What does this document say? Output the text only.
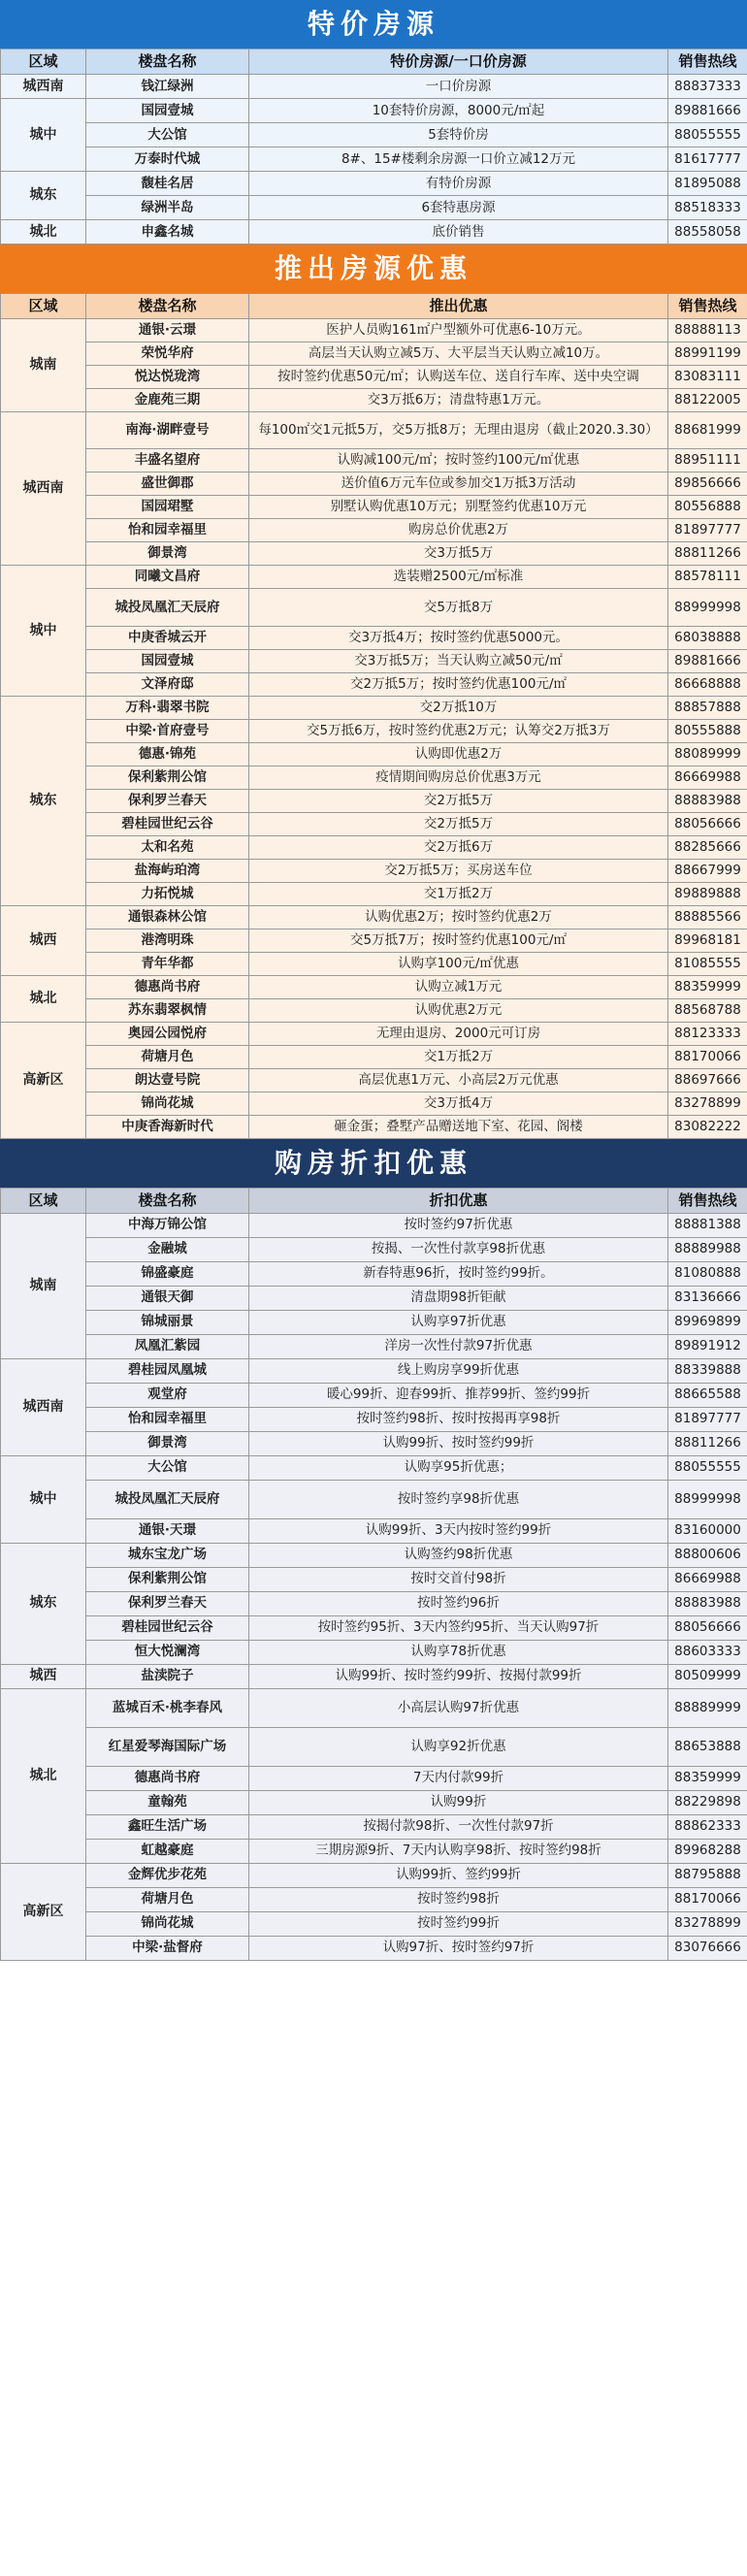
特价房源
区域	楼盘名称	特价房源/一口价房源	销售热线
城西南	钱江绿洲	一口价房源	88837333
城中	国园壹城	10套特价房源，8000元/㎡起	89881666
	大公馆	5套特价房	88055555
	万泰时代城	8#、15#楼剩余房源一口价立减12万元	81617777
城东	馥桂名居	有特价房源	81895088
	绿洲半岛	6套特惠房源	88518333
城北	申鑫名城	底价销售	88558058
推出房源优惠
区域	楼盘名称	推出优惠	销售热线
城南	通银·云璟	医护人员购161㎡户型额外可优惠6-10万元。	88888113
	荣悦华府	高层当天认购立减5万、大平层当天认购立减10万。	88991199
	悦达悦珑湾	按时签约优惠50元/㎡；认购送车位、送自行车库、送中央空调	83083111
	金鹿苑三期	交3万抵6万；清盘特惠1万元。	88122005
城西南	南海·湖畔壹号	每100㎡交1元抵5万，交5万抵8万；无理由退房（截止2020.3.30）	88681999
	丰盛名望府	认购减100元/㎡；按时签约100元/㎡优惠	88951111
	盛世御郡	送价值6万元车位或参加交1万抵3万活动	89856666
	国园珺墅	别墅认购优惠10万元；别墅签约优惠10万元	80556888
	怡和园幸福里	购房总价优惠2万	81897777
	御景湾	交3万抵5万	88811266
城中	同曦文昌府	选装赠2500元/㎡标准	88578111
	城投凤凰汇天辰府	交5万抵8万	88999998
	中庚香城云开	交3万抵4万；按时签约优惠5000元。	68038888
	国园壹城	交3万抵5万；当天认购立减50元/㎡	89881666
	文泽府邸	交2万抵5万；按时签约优惠100元/㎡	86668888
城东	万科·翡翠书院	交2万抵10万	88857888
	中梁·首府壹号	交5万抵6万，按时签约优惠2万元；认筹交2万抵3万	80555888
	德惠·锦苑	认购即优惠2万	88089999
	保利紫荆公馆	疫情期间购房总价优惠3万元	86669988
	保利罗兰春天	交2万抵5万	88883988
	碧桂园世纪云谷	交2万抵5万	88056666
	太和名苑	交2万抵6万	88285666
	盐海屿珀湾	交2万抵5万；买房送车位	88667999
	力拓悦城	交1万抵2万	89889888
城西	通银森林公馆	认购优惠2万；按时签约优惠2万	88885566
	港湾明珠	交5万抵7万；按时签约优惠100元/㎡	89968181
	青年华都	认购享100元/㎡优惠	81085555
城北	德惠尚书府	认购立减1万元	88359999
	苏东翡翠枫情	认购优惠2万元	88568788
高新区	奥园公园悦府	无理由退房、2000元可订房	88123333
	荷塘月色	交1万抵2万	88170066
	朗达壹号院	高层优惠1万元、小高层2万元优惠	88697666
	锦尚花城	交3万抵4万	83278899
	中庚香海新时代	砸金蛋；叠墅产品赠送地下室、花园、阁楼	83082222
购房折扣优惠
区域	楼盘名称	折扣优惠	销售热线
城南	中海万锦公馆	按时签约97折优惠	88881388
	金融城	按揭、一次性付款享98折优惠	88889988
	锦盛豪庭	新春特惠96折，按时签约99折。	81080888
	通银天御	清盘期98折钜献	83136666
	锦城丽景	认购享97折优惠	89969899
	凤凰汇紫园	洋房一次性付款97折优惠	89891912
城西南	碧桂园凤凰城	线上购房享99折优惠	88339888
	观堂府	暖心99折、迎春99折、推荐99折、签约99折	88665588
	怡和园幸福里	按时签约98折、按时按揭再享98折	81897777
	御景湾	认购99折、按时签约99折	88811266
城中	大公馆	认购享95折优惠；	88055555
	城投凤凰汇天辰府	按时签约享98折优惠	88999998
	通银·天璟	认购99折、3天内按时签约99折	83160000
城东	城东宝龙广场	认购签约98折优惠	88800606
	保利紫荆公馆	按时交首付98折	86669988
	保利罗兰春天	按时签约96折	88883988
	碧桂园世纪云谷	按时签约95折、3天内签约95折、当天认购97折	88056666
	恒大悦澜湾	认购享78折优惠	88603333
城西	盐渎院子	认购99折、按时签约99折、按揭付款99折	80509999
城北	蓝城百禾·桃李春风	小高层认购97折优惠	88889999
	红星爱琴海国际广场	认购享92折优惠	88653888
	德惠尚书府	7天内付款99折	88359999
	童翰苑	认购99折	88229898
	鑫旺生活广场	按揭付款98折、一次性付款97折	88862333
	虹越豪庭	三期房源9折、7天内认购享98折、按时签约98折	89968288
高新区	金辉优步花苑	认购99折、签约99折	88795888
	荷塘月色	按时签约98折	88170066
	锦尚花城	按时签约99折	83278899
	中梁·盐督府	认购97折、按时签约97折	83076666
